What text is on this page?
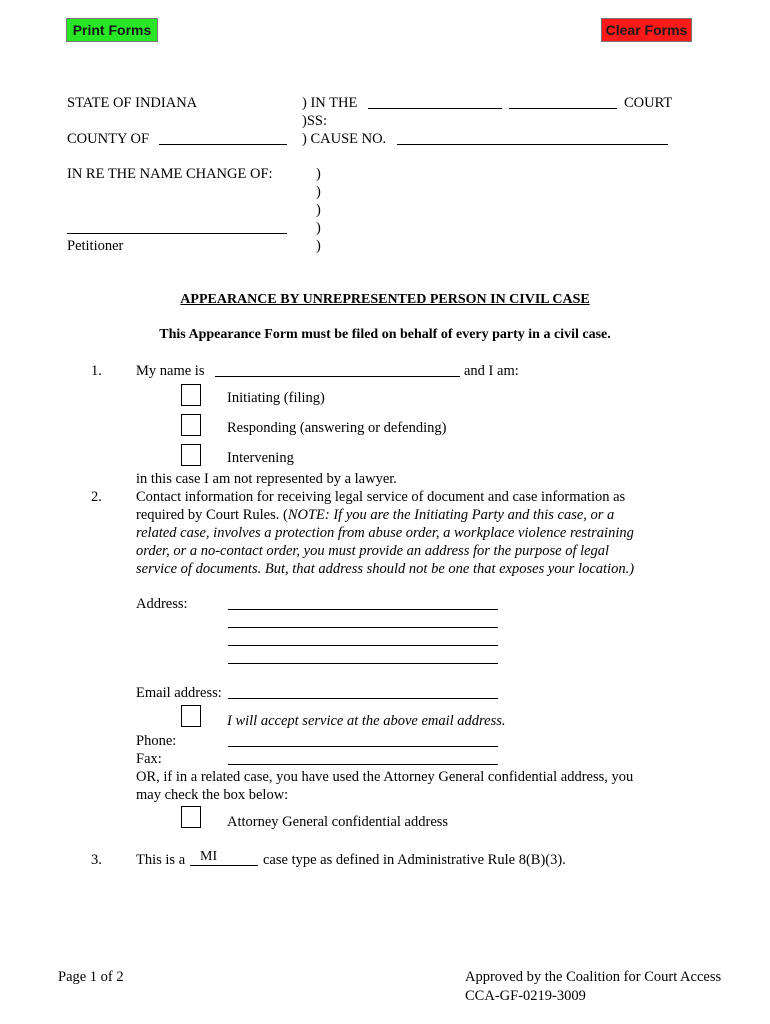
Print Forms	Clear Forms
STATE OF INDIANA	) IN THE	COURT
)SS:
COUNTY OF	) CAUSE NO.
IN RE THE NAME CHANGE OF:	)
)
)
)
)
Petitioner
APPEARANCE BY UNREPRESENTED PERSON IN CIVIL CASE
This Appearance Form must be filed on behalf of every party in a civil case.
1. My name is	and I am:
Initiating (filing)
Responding (answering or defending)
Intervening
in this case I am not represented by a lawyer.
2. Contact information for receiving legal service of document and case information as
required by Court Rules. (NOTE: If you are the Initiating Party and this case, or a
related case, involves a protection from abuse order, a workplace violence restraining
order, or a no-contact order, you must provide an address for the purpose of legal
service of documents. But, that address should not be one that exposes your location.)
Address:
Email address:
I will accept service at the above email address.
Phone:
Fax:
OR, if in a related case, you have used the Attorney General confidential address, you
may check the box below:
Attorney General confidential address
3. This is a MI	case type as defined in Administrative Rule 8(B)(3).
Page 1 of 2	Approved by the Coalition for Court Access
CCA-GF-0219-3009
